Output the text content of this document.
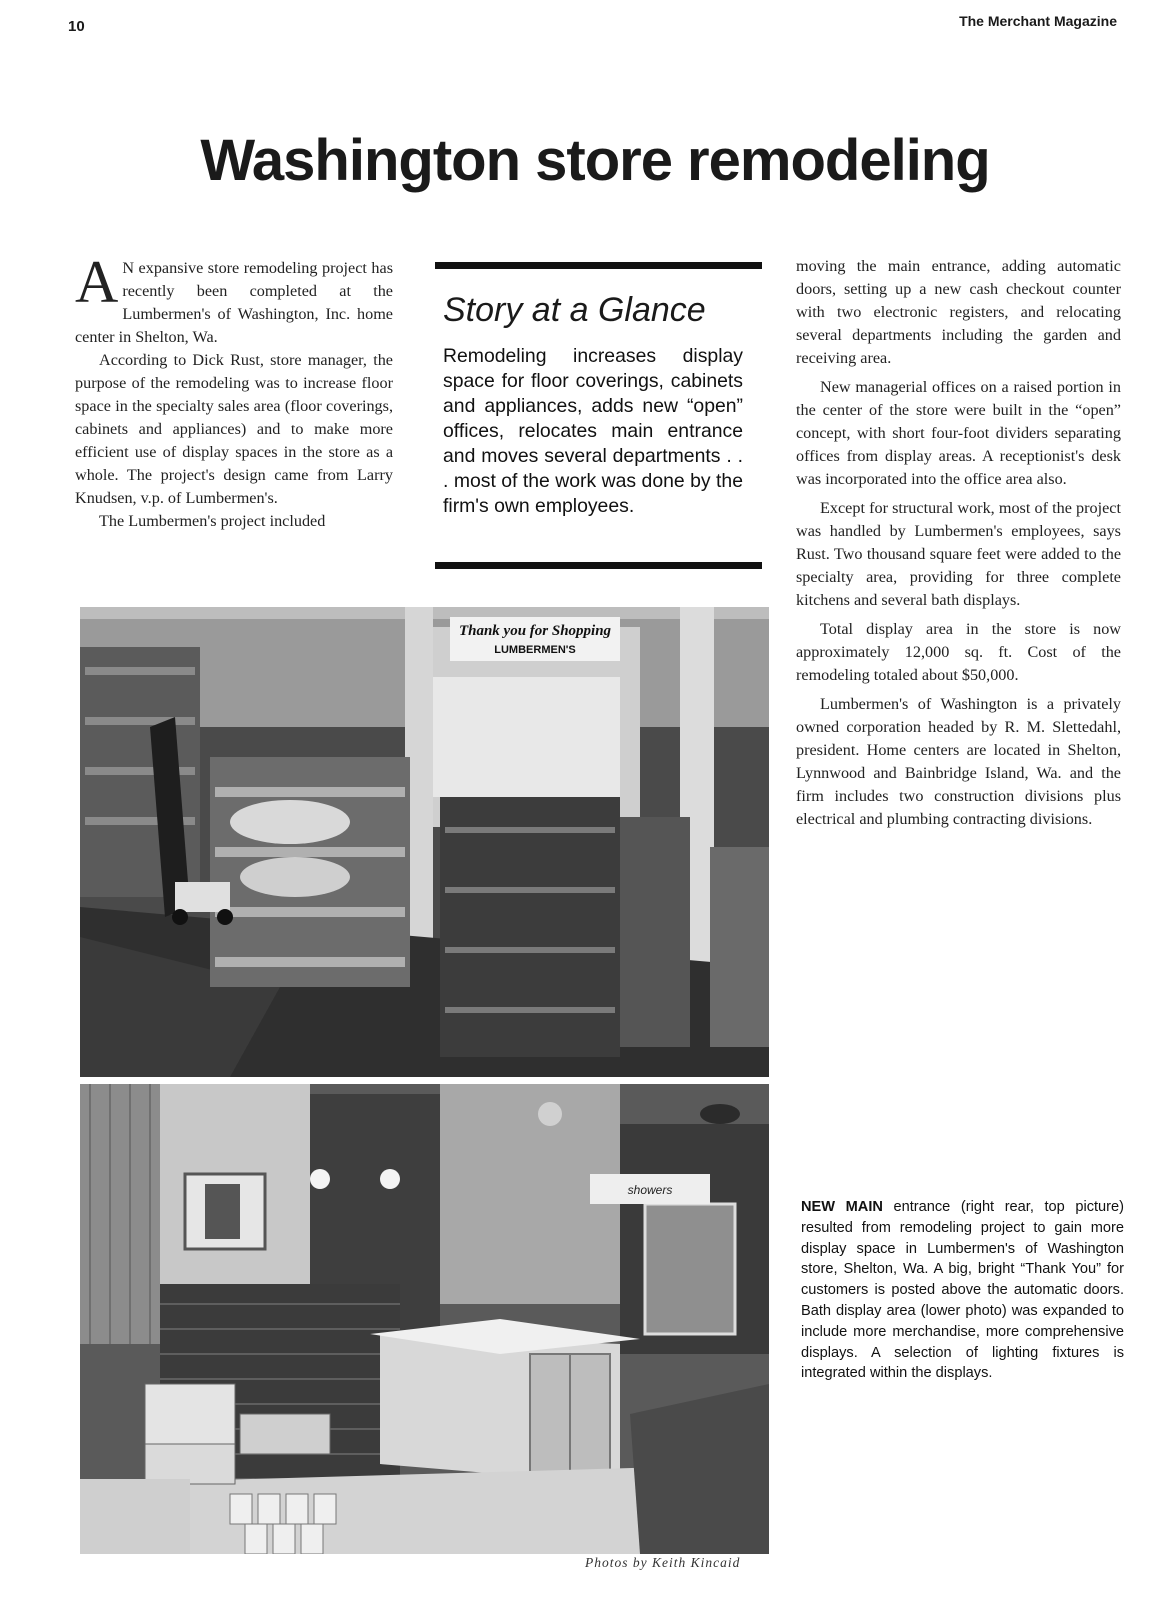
10	The Merchant Magazine
Washington store remodeling

A N expansive store remodeling project has recently been completed at the Lumbermen's of Washington, Inc. home center in Shelton, Wa.

According to Dick Rust, store manager, the purpose of the remodeling was to increase floor space in the specialty sales area (floor coverings, cabinets and appliances) and to make more efficient use of display spaces in the store as a whole. The project's design came from Larry Knudsen, v.p. of Lumbermen's.

The Lumbermen's project included

Story at a Glance

Remodeling increases display space for floor coverings, cabinets and appliances, adds new “open” offices, relocates main entrance and moves several departments . . . most of the work was done by the firm's own employees.

moving the main entrance, adding automatic doors, setting up a new cash checkout counter with two electronic registers, and relocating several departments including the garden and receiving area.

New managerial offices on a raised portion in the center of the store were built in the “open” concept, with short four-foot dividers separating offices from display areas. A receptionist's desk was incorporated into the office area also.

Except for structural work, most of the project was handled by Lumbermen's employees, says Rust. Two thousand square feet were added to the specialty area, providing for three complete kitchens and several bath displays.

Total display area in the store is now approximately 12,000 sq. ft. Cost of the remodeling totaled about $50,000.

Lumbermen's of Washington is a privately owned corporation headed by R. M. Slettedahl, president. Home centers are located in Shelton, Lynnwood and Bainbridge Island, Wa. and the firm includes two construction divisions plus electrical and plumbing contracting divisions.

Thank you for Shopping
LUMBERMEN'S
showers

NEW MAIN entrance (right rear, top picture) resulted from remodeling project to gain more display space in Lumbermen's of Washington store, Shelton, Wa. A big, bright “Thank You” for customers is posted above the automatic doors. Bath display area (lower photo) was expanded to include more merchandise, more comprehensive displays. A selection of lighting fixtures is integrated within the displays.

Photos by Keith Kincaid
